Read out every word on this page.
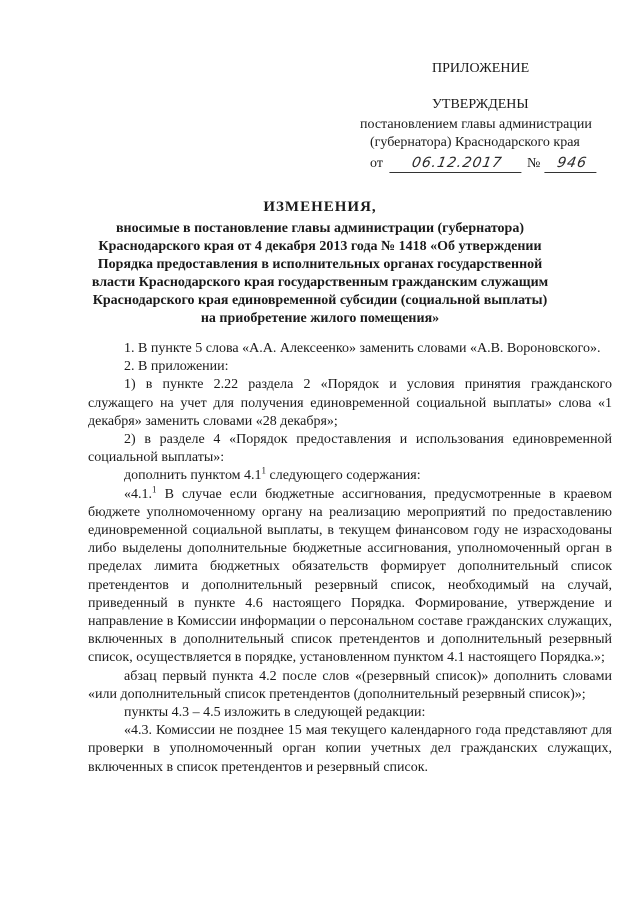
ПРИЛОЖЕНИЕ
УТВЕРЖДЕНЫ
постановлением главы администрации
(губернатора) Краснодарского края
от 06.12.2017 № 946
ИЗМЕНЕНИЯ,
вносимые в постановление главы администрации (губернатора) Краснодарского края от 4 декабря 2013 года № 1418 «Об утверждении Порядка предоставления в исполнительных органах государственной власти Краснодарского края государственным гражданским служащим Краснодарского края единовременной субсидии (социальной выплаты) на приобретение жилого помещения»

1. В пункте 5 слова «А.А. Алексеенко» заменить словами «А.В. Вороновского».

2. В приложении:

1) в пункте 2.22 раздела 2 «Порядок и условия принятия гражданского служащего на учет для получения единовременной социальной выплаты» слова «1 декабря» заменить словами «28 декабря»;

2) в разделе 4 «Порядок предоставления и использования единовременной социальной выплаты»:

дополнить пунктом $4.1^1$ следующего содержания:

«4.1.$^1$ В случае если бюджетные ассигнования, предусмотренные в краевом бюджете уполномоченному органу на реализацию мероприятий по предоставлению единовременной социальной выплаты, в текущем финансовом году не израсходованы либо выделены дополнительные бюджетные ассигнования, уполномоченный орган в пределах лимита бюджетных обязательств формирует дополнительный список претендентов и дополнительный резервный список, необходимый на случай, приведенный в пункте 4.6 настоящего Порядка. Формирование, утверждение и направление в Комиссии информации о персональном составе гражданских служащих, включенных в дополнительный список претендентов и дополнительный резервный список, осуществляется в порядке, установленном пунктом 4.1 настоящего Порядка.»;

абзац первый пункта 4.2 после слов «(резервный список)» дополнить словами «или дополнительный список претендентов (дополнительный резервный список)»;

пункты 4.3 – 4.5 изложить в следующей редакции:

«4.3. Комиссии не позднее 15 мая текущего календарного года представляют для проверки в уполномоченный орган копии учетных дел гражданских служащих, включенных в список претендентов и резервный список.
